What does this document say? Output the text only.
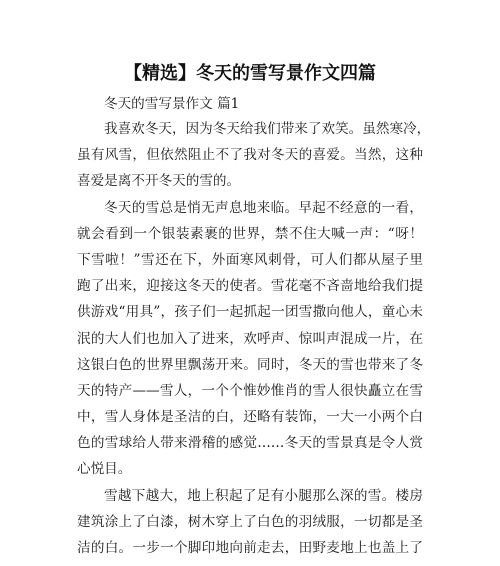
【精选】冬天的雪写景作文四篇
冬天的雪写景作文 篇1

我喜欢冬天，因为冬天给我们带来了欢笑。虽然寒冷，
虽有风雪，但依然阻止不了我对冬天的喜爱。当然，这种
喜爱是离不开冬天的雪的。

冬天的雪总是悄无声息地来临。早起不经意的一看，
就会看到一个银装素裹的世界，禁不住大喊一声：“呀！
下雪啦！”雪还在下，外面寒风刺骨，可人们都从屋子里
跑了出来，迎接这冬天的使者。雪花毫不吝啬地给我们提
供游戏“用具”，孩子们一起抓起一团雪撒向他人，童心未
泯的大人们也加入了进来，欢呼声、惊叫声混成一片，在
这银白色的世界里飘荡开来。同时，冬天的雪也带来了冬
天的特产——雪人，一个个惟妙惟肖的雪人很快矗立在雪
中，雪人身体是圣洁的白，还略有装饰，一大一小两个白
色的雪球给人带来滑稽的感觉……冬天的雪景真是令人赏
心悦目。

雪越下越大，地上积起了足有小腿那么深的雪。楼房
建筑涂上了白漆，树木穿上了白色的羽绒服，一切都是圣
洁的白。一步一个脚印地向前走去，田野麦地上也盖上了
